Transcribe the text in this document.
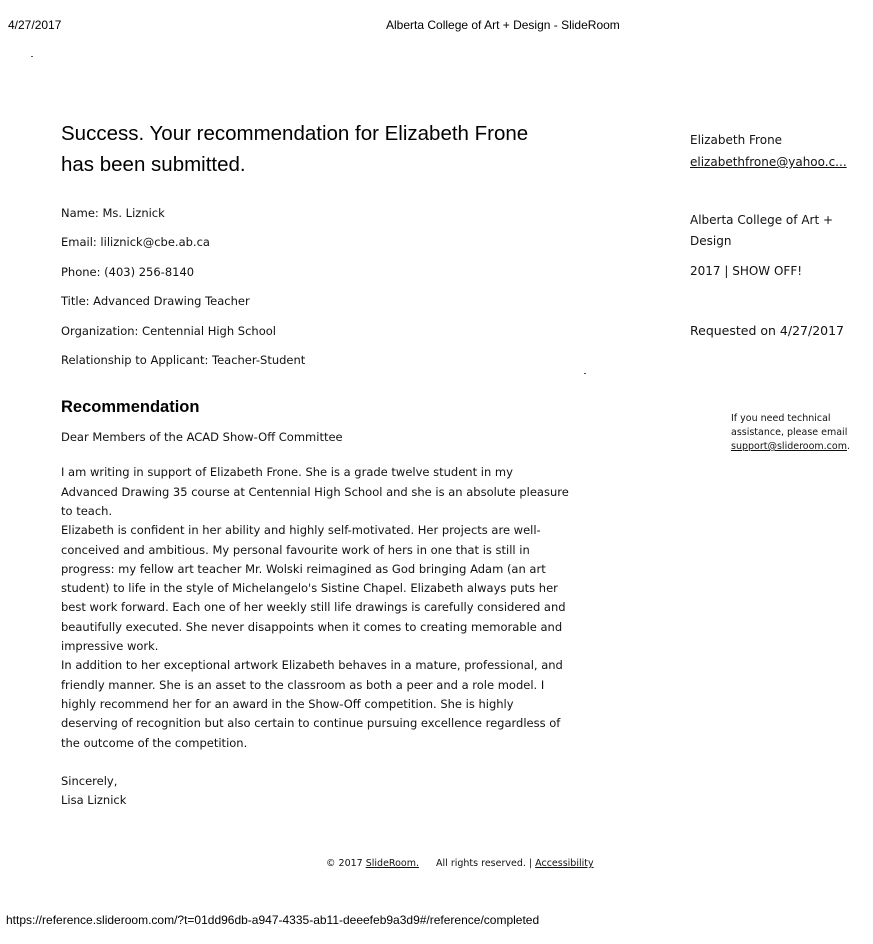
4/27/2017	Alberta College of Art + Design - SlideRoom
Success. Your recommendation for Elizabeth Frone
has been submitted.
Name: Ms. Liznick
Email: liliznick@cbe.ab.ca
Phone: (403) 256-8140
Title: Advanced Drawing Teacher
Organization: Centennial High School
Relationship to Applicant: Teacher-Student
Recommendation
Dear Members of the ACAD Show-Off Committee

I am writing in support of Elizabeth Frone. She is a grade twelve student in my Advanced Drawing 35 course at Centennial High School and she is an absolute pleasure to teach.

Elizabeth is confident in her ability and highly self-motivated. Her projects are well-conceived and ambitious. My personal favourite work of hers in one that is still in progress: my fellow art teacher Mr. Wolski reimagined as God bringing Adam (an art student) to life in the style of Michelangelo's Sistine Chapel. Elizabeth always puts her best work forward. Each one of her weekly still life drawings is carefully considered and beautifully executed. She never disappoints when it comes to creating memorable and impressive work.

In addition to her exceptional artwork Elizabeth behaves in a mature, professional, and friendly manner. She is an asset to the classroom as both a peer and a role model. I highly recommend her for an award in the Show-Off competition. She is highly deserving of recognition but also certain to continue pursuing excellence regardless of the outcome of the competition.

Sincerely,
Lisa Liznick
Elizabeth Frone
elizabethfrone@yahoo.c...
Alberta College of Art + Design
2017 | SHOW OFF!
Requested on 4/27/2017
If you need technical assistance, please email support@slideroom.com.
© 2017 SlideRoom. All rights reserved. | Accessibility
https://reference.slideroom.com/?t=01dd96db-a947-4335-ab11-deeefeb9a3d9#/reference/completed
